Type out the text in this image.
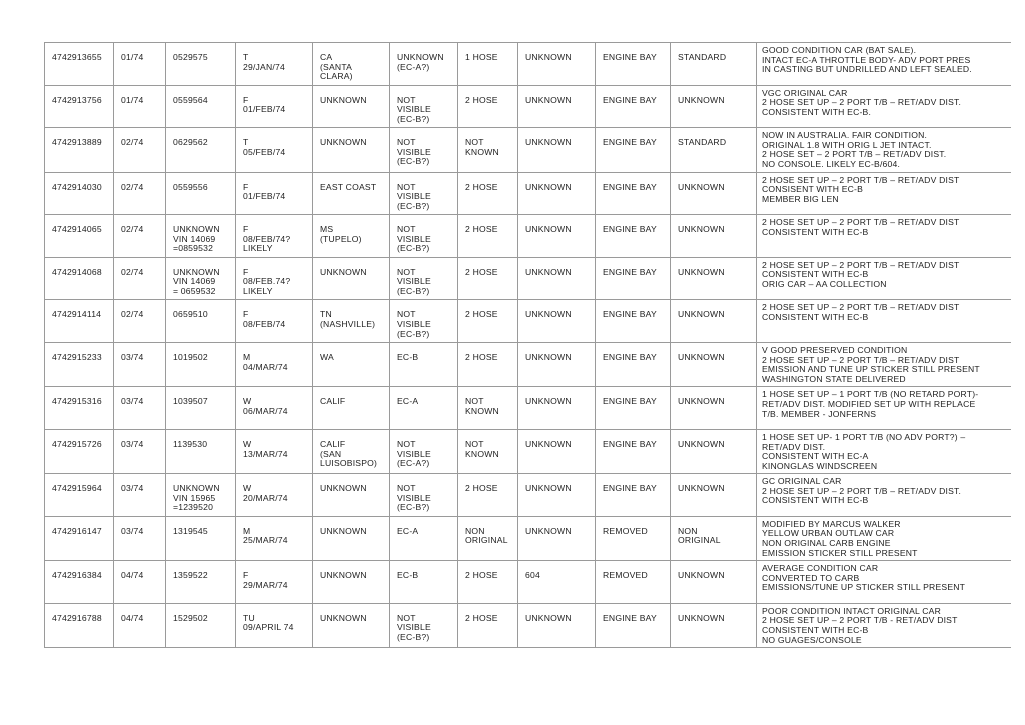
4742913655	01/74	0529575	T
29/JAN/74	CA
(SANTA
CLARA)	UNKNOWN
(EC-A?)	1 HOSE	UNKNOWN	ENGINE BAY	STANDARD	GOOD CONDITION CAR (BAT SALE).
INTACT EC-A THROTTLE BODY- ADV PORT PRES
IN CASTING BUT UNDRILLED AND LEFT SEALED.
4742913756	01/74	0559564	F
01/FEB/74	UNKNOWN	NOT
VISIBLE
(EC-B?)	2 HOSE	UNKNOWN	ENGINE BAY	UNKNOWN	VGC ORIGINAL CAR
2 HOSE SET UP – 2 PORT T/B – RET/ADV DIST.
CONSISTENT WITH EC-B.
4742913889	02/74	0629562	T
05/FEB/74	UNKNOWN	NOT
VISIBLE
(EC-B?)	NOT
KNOWN	UNKNOWN	ENGINE BAY	STANDARD	NOW IN AUSTRALIA. FAIR CONDITION.
ORIGINAL 1.8 WITH ORIG L JET INTACT.
2 HOSE SET – 2 PORT T/B – RET/ADV DIST.
NO CONSOLE. LIKELY EC-B/604.
4742914030	02/74	0559556	F
01/FEB/74	EAST COAST	NOT
VISIBLE
(EC-B?)	2 HOSE	UNKNOWN	ENGINE BAY	UNKNOWN	2 HOSE SET UP – 2 PORT T/B – RET/ADV DIST
CONSISENT WITH EC-B
MEMBER BIG LEN
4742914065	02/74	UNKNOWN
VIN 14069
=0859532	F
08/FEB/74?
LIKELY	MS
(TUPELO)	NOT
VISIBLE
(EC-B?)	2 HOSE	UNKNOWN	ENGINE BAY	UNKNOWN	2 HOSE SET UP – 2 PORT T/B – RET/ADV DIST
CONSISTENT WITH EC-B
4742914068	02/74	UNKNOWN
VIN 14069
= 0659532	F
08/FEB.74?
LIKELY	UNKNOWN	NOT
VISIBLE
(EC-B?)	2 HOSE	UNKNOWN	ENGINE BAY	UNKNOWN	2 HOSE SET UP – 2 PORT T/B – RET/ADV DIST
CONSISTENT WITH EC-B
ORIG CAR – AA COLLECTION
4742914114	02/74	0659510	F
08/FEB/74	TN
(NASHVILLE)	NOT
VISIBLE
(EC-B?)	2 HOSE	UNKNOWN	ENGINE BAY	UNKNOWN	2 HOSE SET UP – 2 PORT T/B – RET/ADV DIST
CONSISTENT WITH EC-B
4742915233	03/74	1019502	M
04/MAR/74	WA	EC-B	2 HOSE	UNKNOWN	ENGINE BAY	UNKNOWN	V GOOD PRESERVED CONDITION
2 HOSE SET UP – 2 PORT T/B – RET/ADV DIST
EMISSION AND TUNE UP STICKER STILL PRESENT
WASHINGTON STATE DELIVERED
4742915316	03/74	1039507	W
06/MAR/74	CALIF	EC-A	NOT
KNOWN	UNKNOWN	ENGINE BAY	UNKNOWN	1 HOSE SET UP – 1 PORT T/B (NO RETARD PORT)-
RET/ADV DIST. MODIFIED SET UP WITH REPLACE
T/B. MEMBER - JONFERNS
4742915726	03/74	1139530	W
13/MAR/74	CALIF
(SAN
LUISOBISPO)	NOT
VISIBLE
(EC-A?)	NOT
KNOWN	UNKNOWN	ENGINE BAY	UNKNOWN	1 HOSE SET UP- 1 PORT T/B (NO ADV PORT?) –
RET/ADV DIST.
CONSISTENT WITH EC-A
KINONGLAS WINDSCREEN
4742915964	03/74	UNKNOWN
VIN 15965
=1239520	W
20/MAR/74	UNKNOWN	NOT
VISIBLE
(EC-B?)	2 HOSE	UNKNOWN	ENGINE BAY	UNKNOWN	GC ORIGINAL CAR
2 HOSE SET UP – 2 PORT T/B – RET/ADV DIST.
CONSISTENT WITH EC-B
4742916147	03/74	1319545	M
25/MAR/74	UNKNOWN	EC-A	NON
ORIGINAL	UNKNOWN	REMOVED	NON
ORIGINAL	MODIFIED BY MARCUS WALKER
YELLOW URBAN OUTLAW CAR
NON ORIGINAL CARB ENGINE
EMISSION STICKER STILL PRESENT
4742916384	04/74	1359522	F
29/MAR/74	UNKNOWN	EC-B	2 HOSE	604	REMOVED	UNKNOWN	AVERAGE CONDITION CAR
CONVERTED TO CARB
EMISSIONS/TUNE UP STICKER STILL PRESENT
4742916788	04/74	1529502	TU
09/APRIL 74	UNKNOWN	NOT
VISIBLE
(EC-B?)	2 HOSE	UNKNOWN	ENGINE BAY	UNKNOWN	POOR CONDITION INTACT ORIGINAL CAR
2 HOSE SET UP – 2 PORT T/B - RET/ADV DIST
CONSISTENT WITH EC-B
NO GUAGES/CONSOLE
